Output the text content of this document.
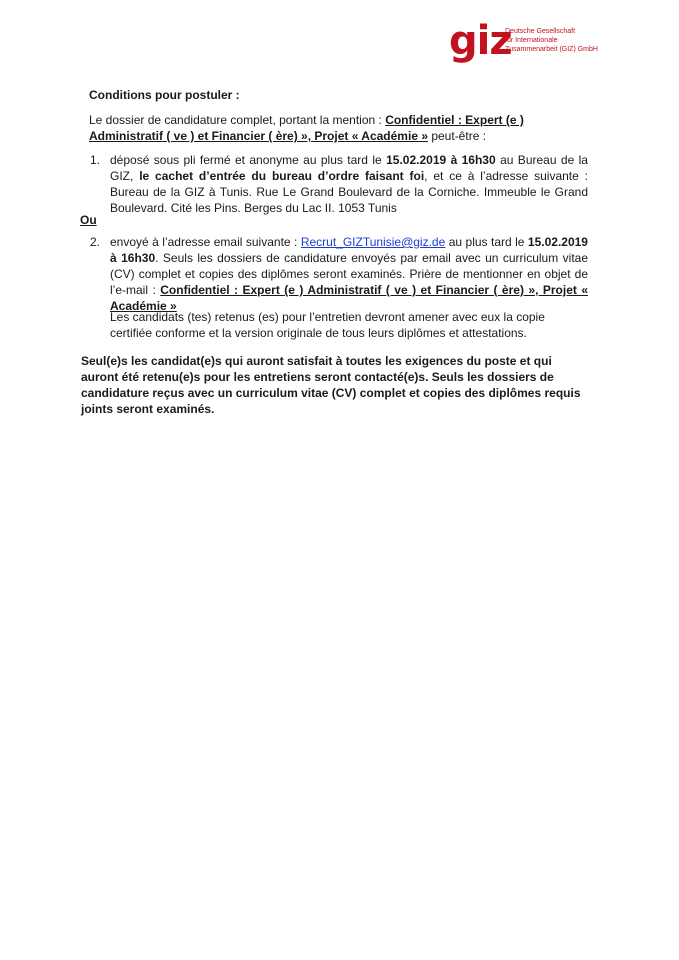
giz
Deutsche Gesellschaft
für Internationale
Zusammenarbeit (GIZ) GmbH
Conditions pour postuler :
Le dossier de candidature complet, portant la mention : Confidentiel : Expert (e ) Administratif ( ve ) et Financier ( ère) », Projet « Académie » peut-être :
1. déposé sous pli fermé et anonyme au plus tard le 15.02.2019 à 16h30 au Bureau de la GIZ, le cachet d’entrée du bureau d’ordre faisant foi, et ce à l’adresse suivante : Bureau de la GIZ à Tunis. Rue Le Grand Boulevard de la Corniche. Immeuble le Grand Boulevard. Cité les Pins. Berges du Lac II. 1053 Tunis
Ou
2. envoyé à l’adresse email suivante : Recrut_GIZTunisie@giz.de au plus tard le 15.02.2019 à 16h30. Seuls les dossiers de candidature envoyés par email avec un curriculum vitae (CV) complet et copies des diplômes seront examinés. Prière de mentionner en objet de l’e-mail : Confidentiel : Expert (e ) Administratif ( ve ) et Financier ( ère) », Projet « Académie »
Les candidats (tes) retenus (es) pour l’entretien devront amener avec eux la copie certifiée conforme et la version originale de tous leurs diplômes et attestations.
Seul(e)s les candidat(e)s qui auront satisfait à toutes les exigences du poste et qui auront été retenu(e)s pour les entretiens seront contacté(e)s. Seuls les dossiers de candidature reçus avec un curriculum vitae (CV) complet et copies des diplômes requis joints seront examinés.
